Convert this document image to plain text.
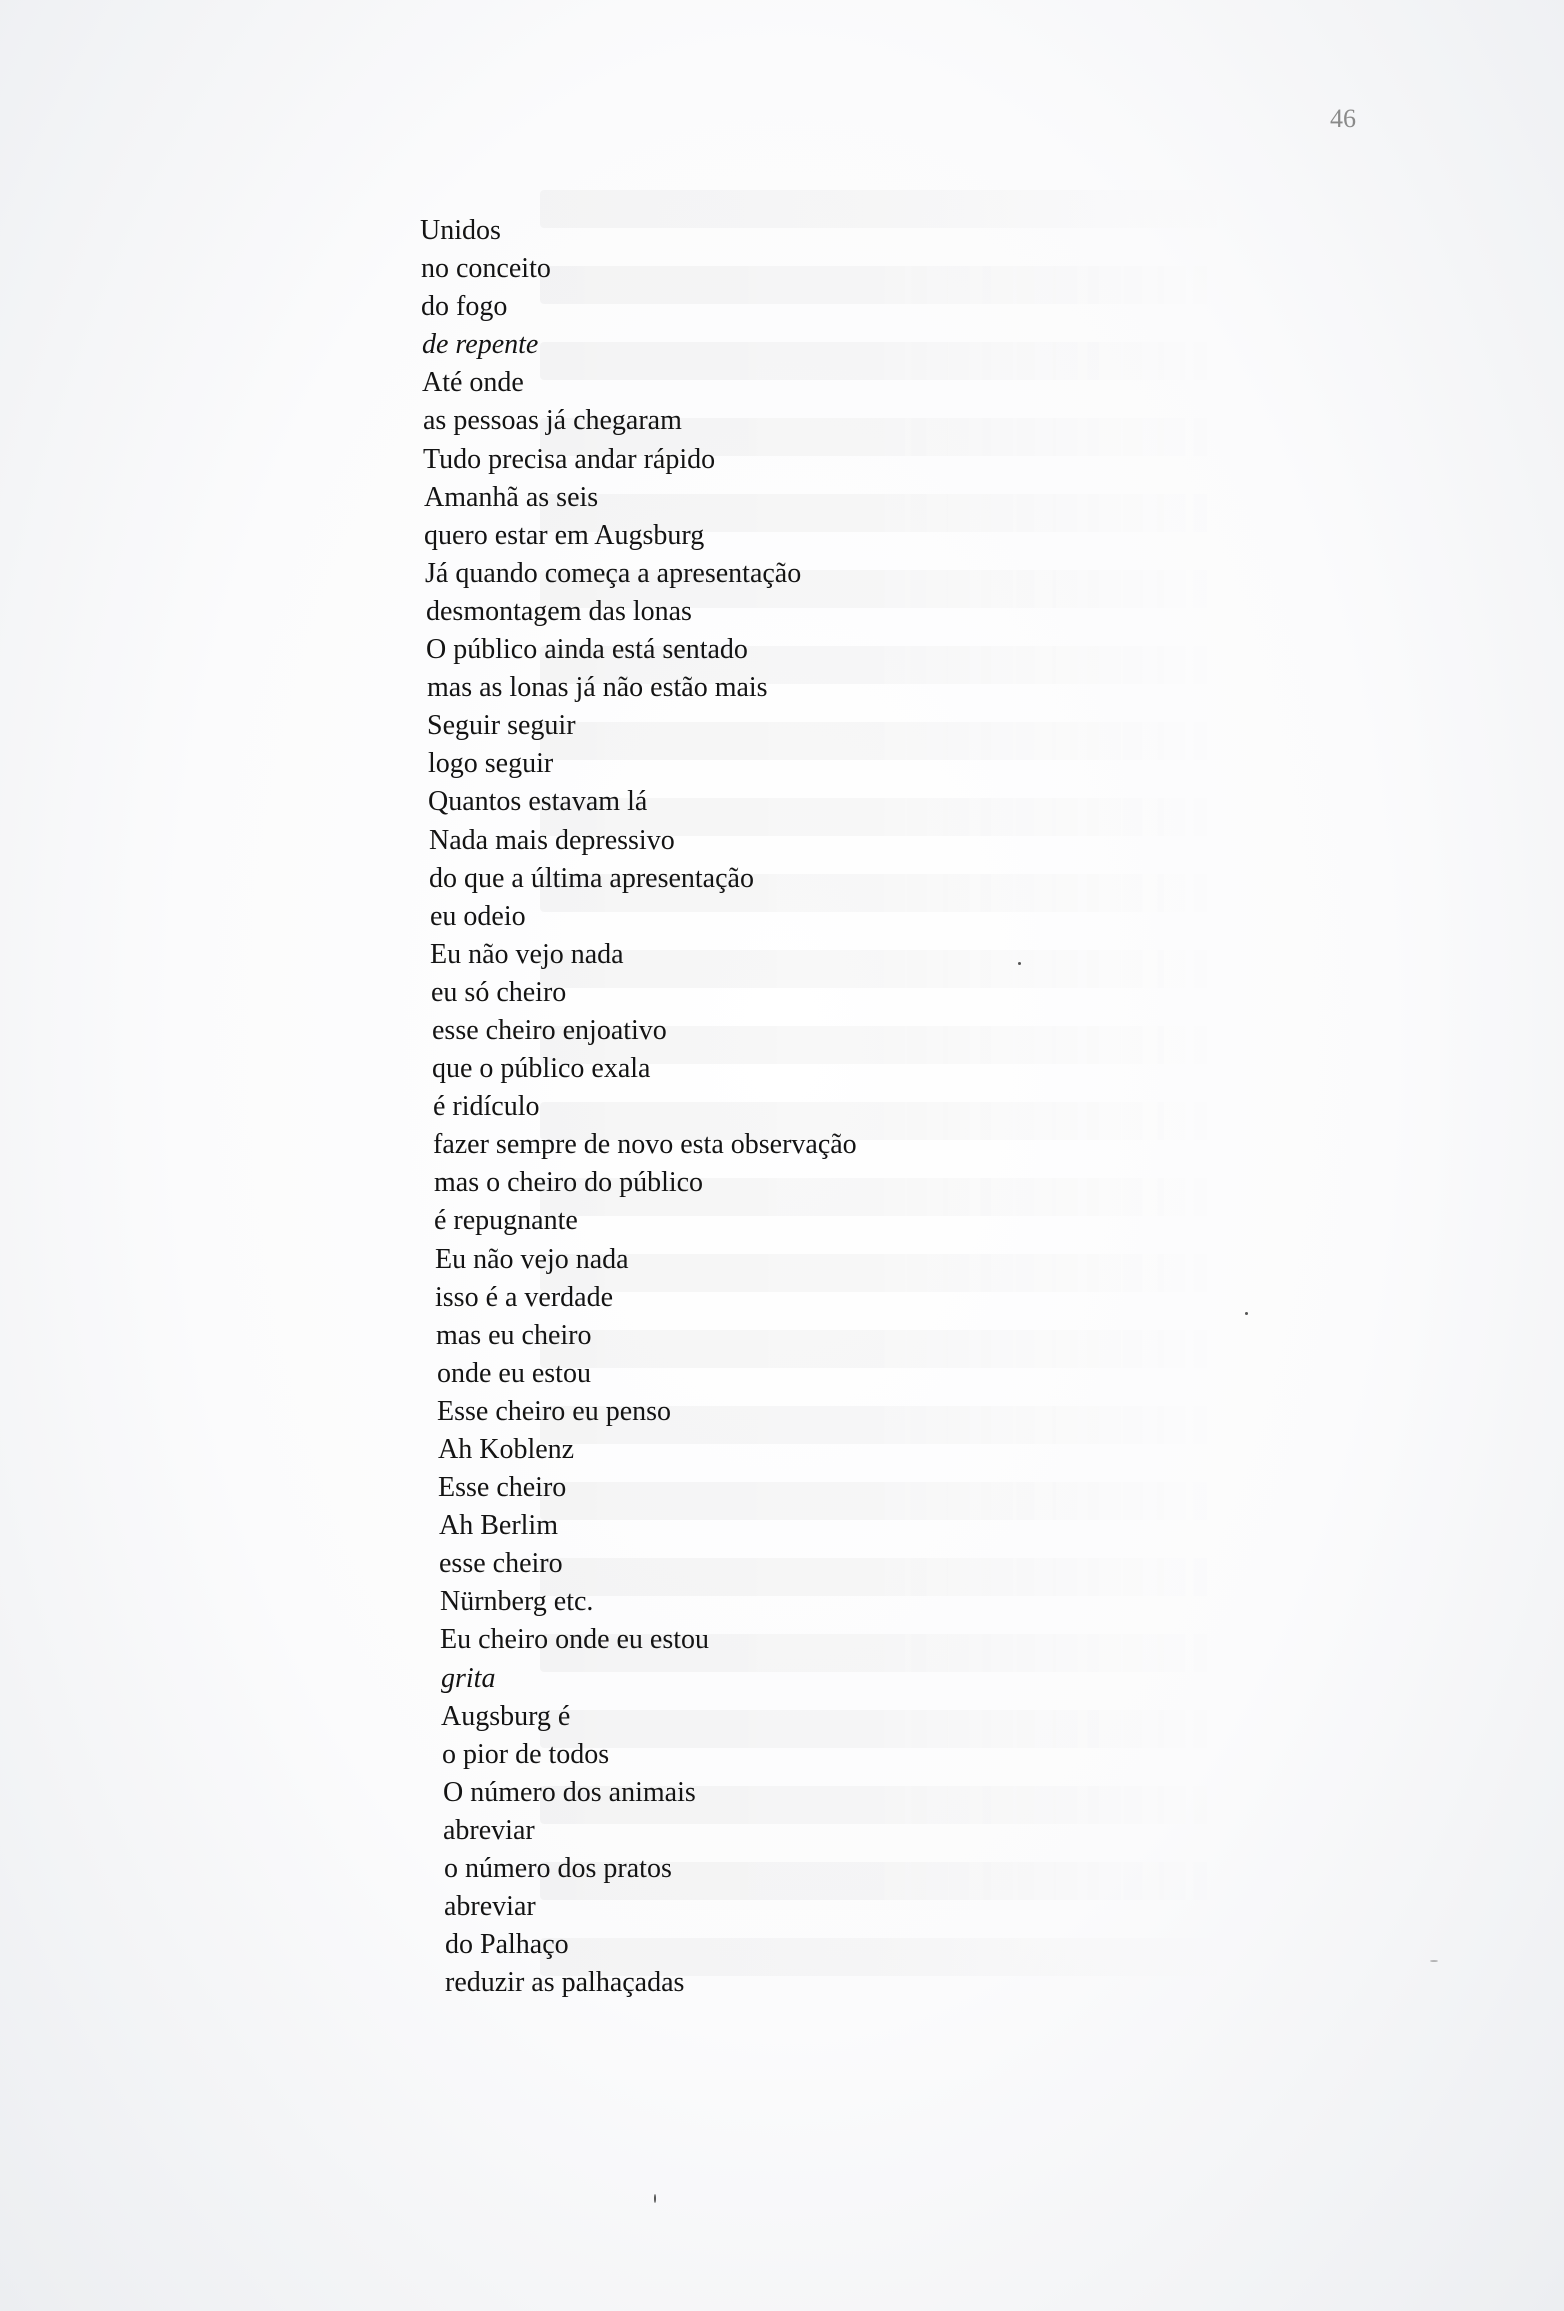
46
Unidos
no conceito
do fogo
de repente
Até onde
as pessoas já chegaram
Tudo precisa andar rápido
Amanhã as seis
quero estar em Augsburg
Já quando começa a apresentação
desmontagem das lonas
O público ainda está sentado
mas as lonas já não estão mais
Seguir seguir
logo seguir
Quantos estavam lá
Nada mais depressivo
do que a última apresentação
eu odeio
Eu não vejo nada
eu só cheiro
esse cheiro enjoativo
que o público exala
é ridículo
fazer sempre de novo esta observação
mas o cheiro do público
é repugnante
Eu não vejo nada
isso é a verdade
mas eu cheiro
onde eu estou
Esse cheiro eu penso
Ah Koblenz
Esse cheiro
Ah Berlim
esse cheiro
Nürnberg etc.
Eu cheiro onde eu estou
grita
Augsburg é
o pior de todos
O número dos animais
abreviar
o número dos pratos
abreviar
do Palhaço
reduzir as palhaçadas
